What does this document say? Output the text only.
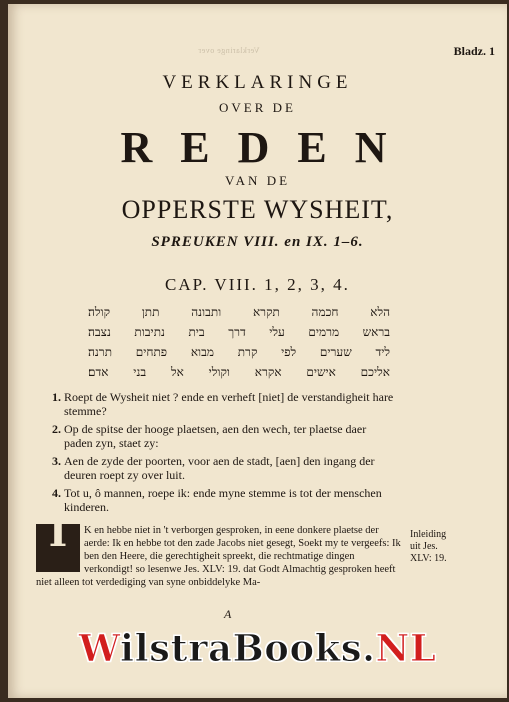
Verklaringe over	Bladz. 1
VERKLARINGE
OVER DE
REDEN
VAN DE
OPPERSTE WYSHEIT,
SPREUKEN VIII. en IX. 1–6.
CAP. VIII. 1, 2, 3, 4.
הלא חכמה תקרא ותבונה תתן קולה׃
בראש מרמים עלי דרך בית נתיבות נצבה׃
ליד שערים לפי קרת מבוא פתחים תרנה׃
אליכם אישים אקרא וקולי אל בני אדם׃
1. Roept de Wysheit niet ? ende en verheft [niet] de verstandigheit hare stemme?
2. Op de spitse der hooge plaetsen, aen den wech, ter plaetse daer paden zyn, staet zy:
3. Aen de zyde der poorten, voor aen de stadt, [aen] den ingang der deuren roept zy over luit.
4. Tot u, ô mannen, roepe ik: ende myne stemme is tot der menschen kinderen.
I	K en hebbe niet in 't verborgen gesproken, in eene donkere plaetse der aerde: Ik en hebbe tot den zade Jacobs niet gesegt, Soekt my te vergeefs: Ik ben den Heere, die gerechtigheit spreekt, die rechtmatige dingen verkondigt! so lesenwe Jes. XLV: 19. dat Godt Almachtig gesproken heeft niet alleen tot verdediging van syne onbiddelyke Ma-
Inleiding
uit Jes.
XLV: 19.
A
WilstraBooks.NL
